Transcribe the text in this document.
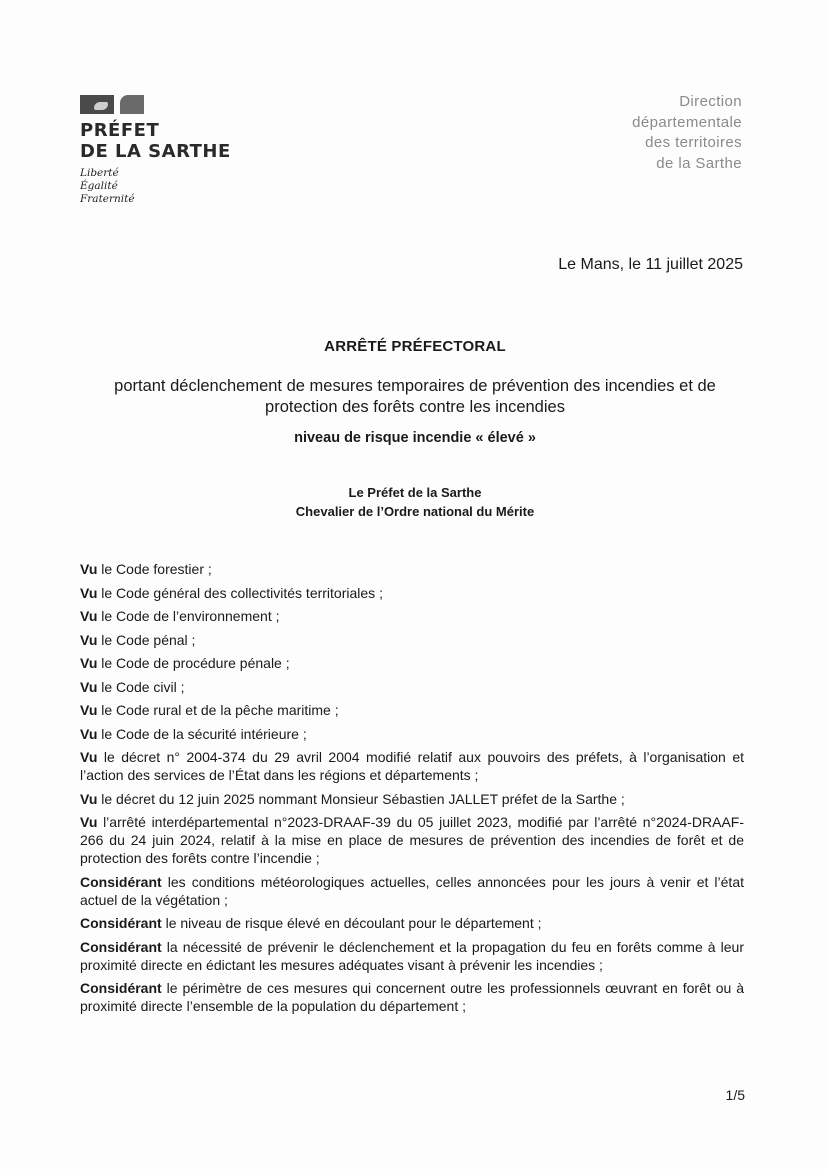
PRÉFET
DE LA SARTHE
Liberté
Égalité
Fraternité
Direction
départementale
des territoires
de la Sarthe
Le Mans, le 11 juillet 2025
ARRÊTÉ PRÉFECTORAL
portant déclenchement de mesures temporaires de prévention des incendies et de
protection des forêts contre les incendies
niveau de risque incendie « élevé »
Le Préfet de la Sarthe
Chevalier de l’Ordre national du Mérite

Vu le Code forestier ;

Vu le Code général des collectivités territoriales ;

Vu le Code de l’environnement ;

Vu le Code pénal ;

Vu le Code de procédure pénale ;

Vu le Code civil ;

Vu le Code rural et de la pêche maritime ;

Vu le Code de la sécurité intérieure ;

Vu le décret n° 2004-374 du 29 avril 2004 modifié relatif aux pouvoirs des préfets, à l’organisation et l’action des services de l’État dans les régions et départements ;

Vu le décret du 12 juin 2025 nommant Monsieur Sébastien JALLET préfet de la Sarthe ;

Vu l’arrêté interdépartemental n°2023-DRAAF-39 du 05 juillet 2023, modifié par l’arrêté n°2024-DRAAF-266 du 24 juin 2024, relatif à la mise en place de mesures de prévention des incendies de forêt et de protection des forêts contre l’incendie ;

Considérant les conditions météorologiques actuelles, celles annoncées pour les jours à venir et l’état actuel de la végétation ;

Considérant le niveau de risque élevé en découlant pour le département ;

Considérant la nécessité de prévenir le déclenchement et la propagation du feu en forêts comme à leur proximité directe en édictant les mesures adéquates visant à prévenir les incendies ;

Considérant le périmètre de ces mesures qui concernent outre les professionnels œuvrant en forêt ou à proximité directe l’ensemble de la population du département ;

1/5
